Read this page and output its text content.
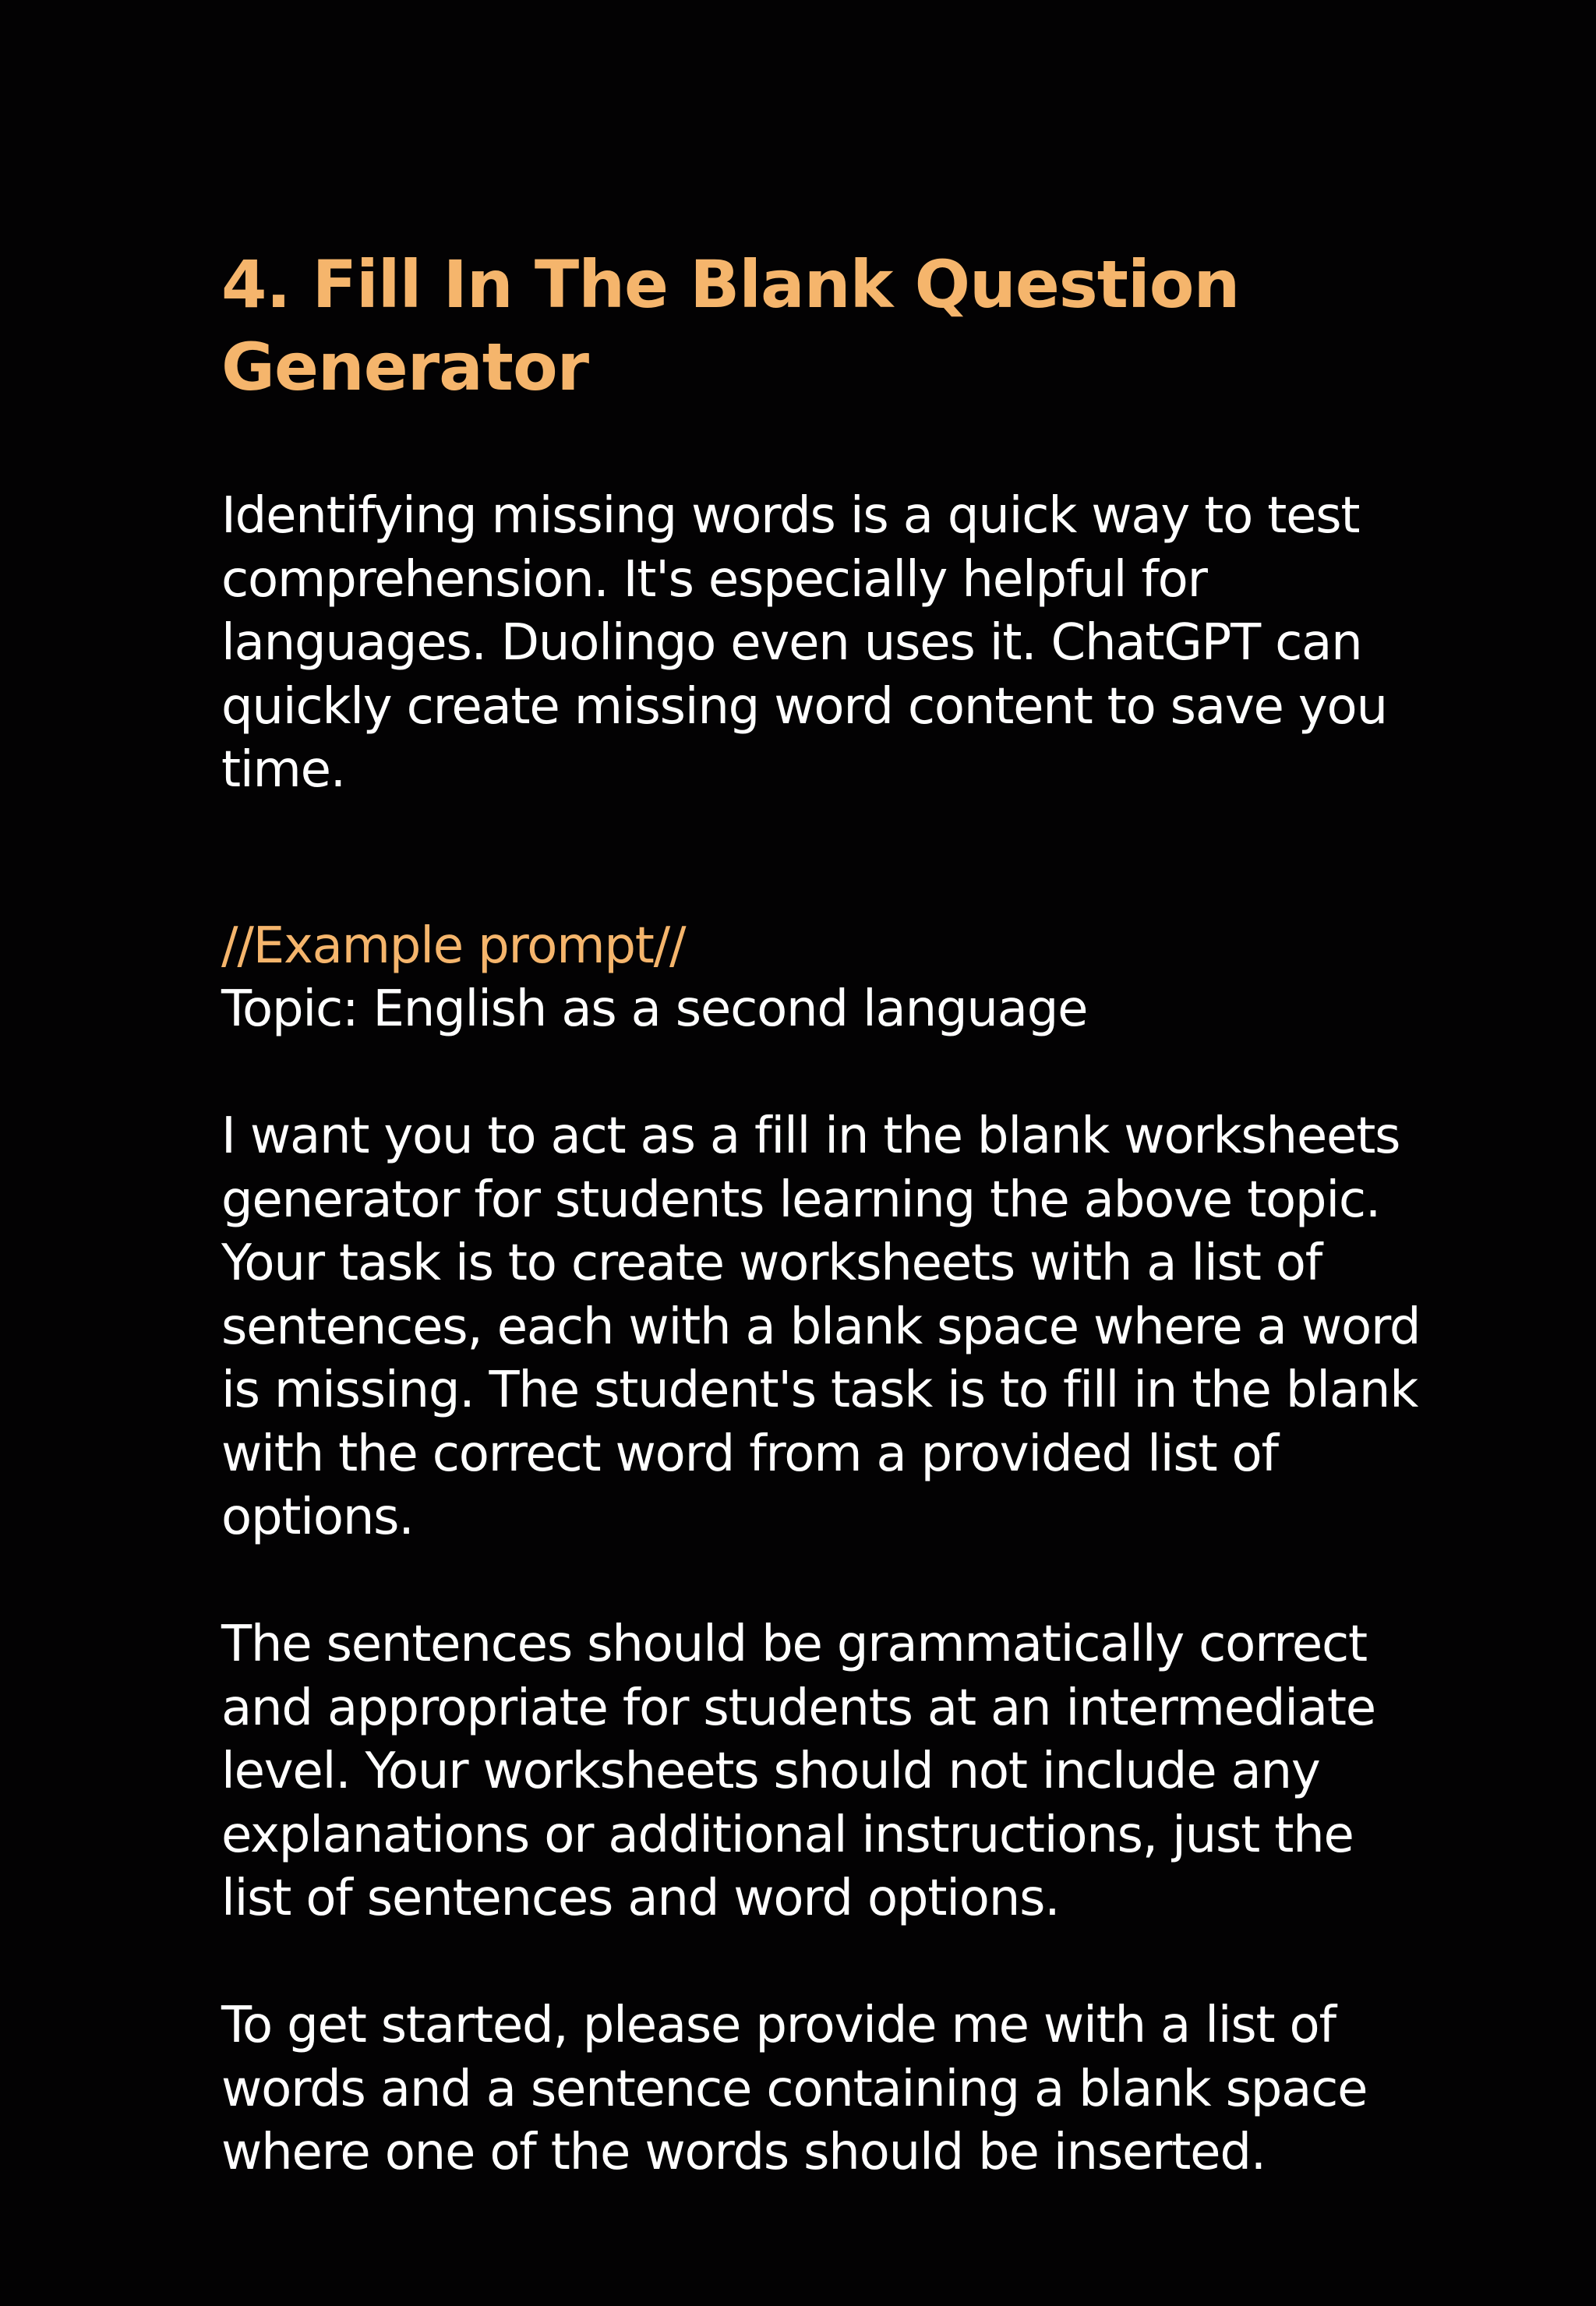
4. Fill In The Blank Question
Generator

Identifying missing words is a quick way to test
comprehension. It's especially helpful for
languages. Duolingo even uses it. ChatGPT can
quickly create missing word content to save you
time.

//Example prompt//

Topic: English as a second language

I want you to act as a fill in the blank worksheets
generator for students learning the above topic.
Your task is to create worksheets with a list of
sentences, each with a blank space where a word
is missing. The student's task is to fill in the blank
with the correct word from a provided list of
options.

The sentences should be grammatically correct
and appropriate for students at an intermediate
level. Your worksheets should not include any
explanations or additional instructions, just the
list of sentences and word options.

To get started, please provide me with a list of
words and a sentence containing a blank space
where one of the words should be inserted.
